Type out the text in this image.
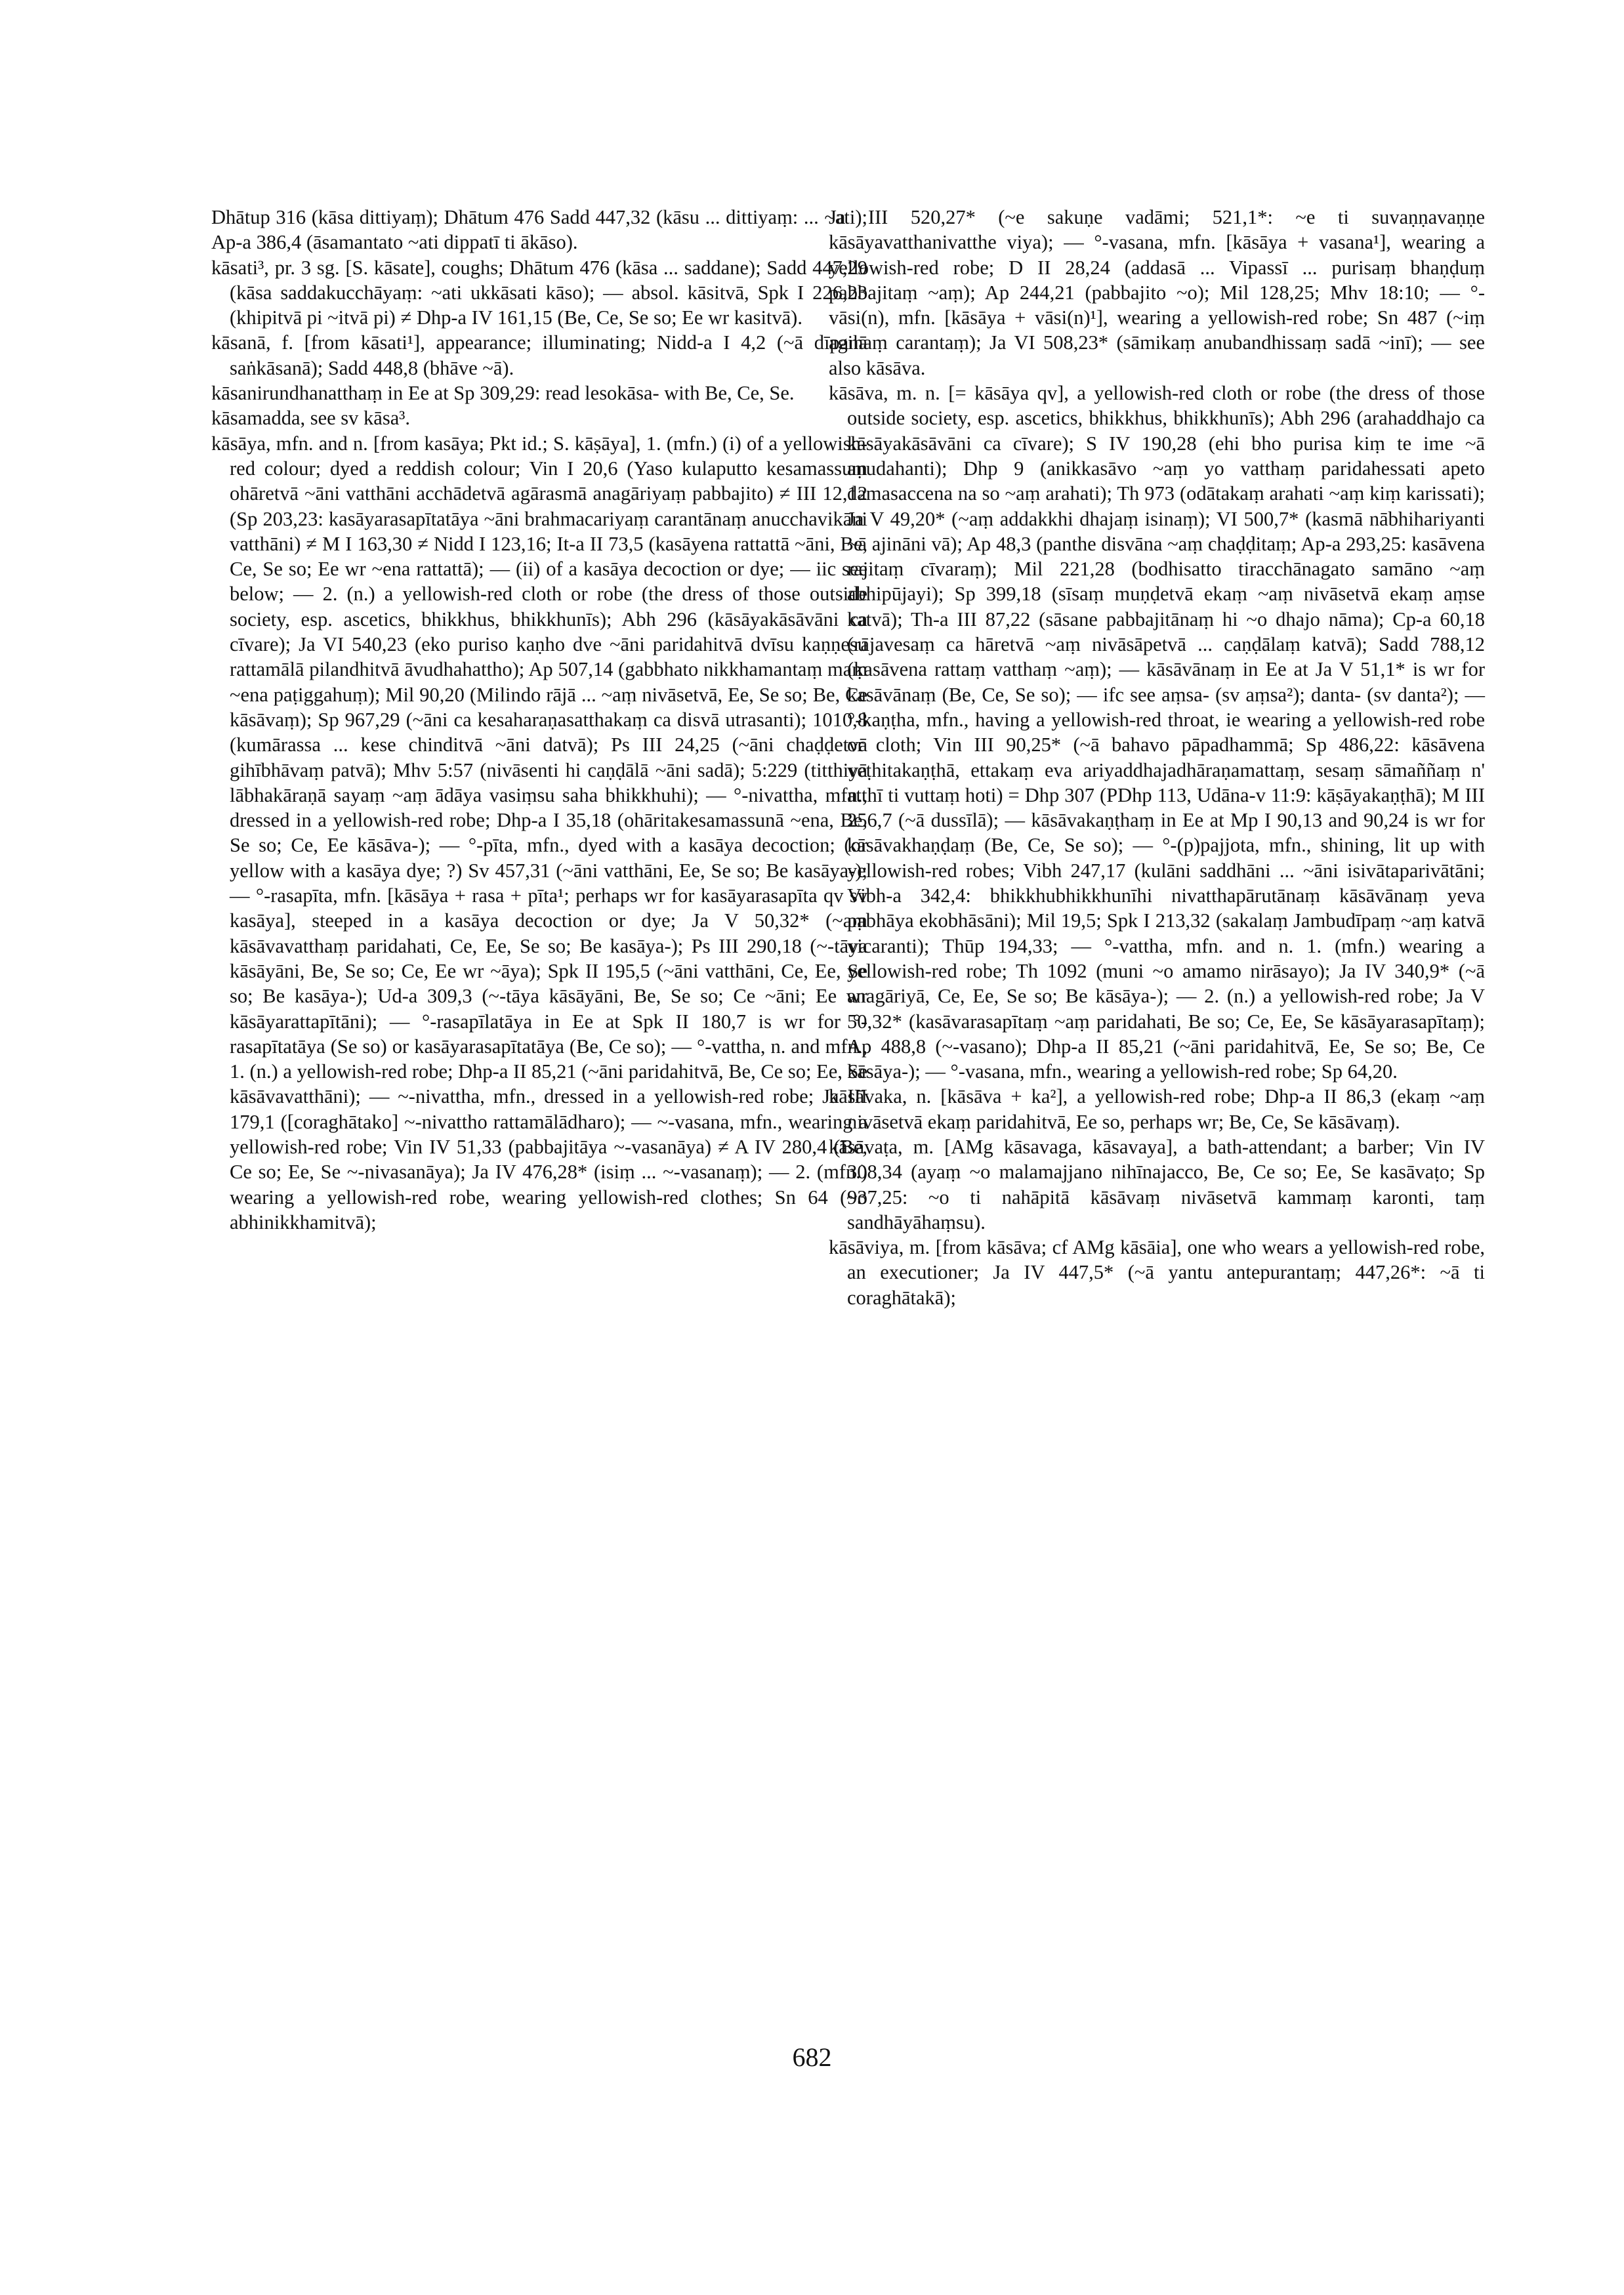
Dhātup 316 (kāsa dittiyaṃ); Dhātum 476 Sadd 447,32 (kāsu ... dittiyaṃ: ... ~ati); Ap-a 386,4 (āsamantato ~ati dippatī ti ākāso).

kāsati³, pr. 3 sg. [S. kāsate], coughs; Dhātum 476 (kāsa ... saddane); Sadd 447,29 (kāsa saddakucchāyaṃ: ~ati ukkāsati kāso); — absol. kāsitvā, Spk I 226,23 (khipitvā pi ~itvā pi) ≠ Dhp-a IV 161,15 (Be, Ce, Se so; Ee wr kasitvā).

kāsanā, f. [from kāsati¹], appearance; illuminating; Nidd-a I 4,2 (~ā dīpanā saṅkāsanā); Sadd 448,8 (bhāve ~ā).

kāsanirundhanatthaṃ in Ee at Sp 309,29: read lesokāsa- with Be, Ce, Se.

kāsamadda, see sv kāsa³.

kāsāya, mfn. and n. [from kasāya; Pkt id.; S. kāṣāya], 1. (mfn.) (i) of a yellowish-red colour; dyed a reddish colour; Vin I 20,6 (Yaso kulaputto kesamassuṃ ohāretvā ~āni vatthāni acchādetvā agārasmā anagāriyaṃ pabbajito) ≠ III 12,12 (Sp 203,23: kasāyarasapītatāya ~āni brahmacariyaṃ carantānaṃ anucchavikāni vatthāni) ≠ M I 163,30 ≠ Nidd I 123,16; It-a II 73,5 (kasāyena rattattā ~āni, Be, Ce, Se so; Ee wr ~ena rattattā); — (ii) of a kasāya decoction or dye; — iic see below; — 2. (n.) a yellowish-red cloth or robe (the dress of those outside society, esp. ascetics, bhikkhus, bhikkhunīs); Abh 296 (kāsāyakāsāvāni ca cīvare); Ja VI 540,23 (eko puriso kaṇho dve ~āni paridahitvā dvīsu kaṇṇesu rattamālā pilandhitvā āvudhahattho); Ap 507,14 (gabbhato nikkhamantaṃ maṃ ~ena paṭiggahuṃ); Mil 90,20 (Milindo rājā ... ~aṃ nivāsetvā, Ee, Se so; Be, Ce kāsāvaṃ); Sp 967,29 (~āni ca kesaharaṇasatthakaṃ ca disvā utrasanti); 1010,8 (kumārassa ... kese chinditvā ~āni datvā); Ps III 24,25 (~āni chaḍḍetvā gihībhāvaṃ patvā); Mhv 5:57 (nivāsenti hi caṇḍālā ~āni sadā); 5:229 (titthiyā lābhakāraṇā sayaṃ ~aṃ ādāya vasiṃsu saha bhikkhuhi); — °-nivattha, mfn., dressed in a yellowish-red robe; Dhp-a I 35,18 (ohāritakesamassunā ~ena, Be, Se so; Ce, Ee kāsāva-); — °-pīta, mfn., dyed with a kasāya decoction; (or yellow with a kasāya dye; ?) Sv 457,31 (~āni vatthāni, Ee, Se so; Be kasāya-); — °-rasapīta, mfn. [kāsāya + rasa + pīta¹; perhaps wr for kasāyarasapīta qv sv kasāya], steeped in a kasāya decoction or dye; Ja V 50,32* (~aṃ kāsāvavatthaṃ paridahati, Ce, Ee, Se so; Be kasāya-); Ps III 290,18 (~-tāya kāsāyāni, Be, Se so; Ce, Ee wr ~āya); Spk II 195,5 (~āni vatthāni, Ce, Ee, Se so; Be kasāya-); Ud-a 309,3 (~-tāya kāsāyāni, Be, Se so; Ce ~āni; Ee wr kāsāyarattapītāni); — °-rasapīlatāya in Ee at Spk II 180,7 is wr for °-rasapītatāya (Se so) or kasāyarasapītatāya (Be, Ce so); — °-vattha, n. and mfn., 1. (n.) a yellowish-red robe; Dhp-a II 85,21 (~āni paridahitvā, Be, Ce so; Ee, Se kāsāvavatthāni); — ~-nivattha, mfn., dressed in a yellowish-red robe; Ja III 179,1 ([coraghātako] ~-nivattho rattamālādharo); — ~-vasana, mfn., wearing a yellowish-red robe; Vin IV 51,33 (pabbajitāya ~-vasanāya) ≠ A IV 280,4 (Be, Ce so; Ee, Se ~-nivasanāya); Ja IV 476,28* (isiṃ ... ~-vasanaṃ); — 2. (mfn.) wearing a yellowish-red robe, wearing yellowish-red clothes; Sn 64 (~o abhinikkhamitvā);

Ja III 520,27* (~e sakuṇe vadāmi; 521,1*: ~e ti suvaṇṇavaṇṇe kāsāyavatthanivatthe viya); — °-vasana, mfn. [kāsāya + vasana¹], wearing a yellowish-red robe; D II 28,24 (addasā ... Vipassī ... purisaṃ bhaṇḍuṃ pabbajitaṃ ~aṃ); Ap 244,21 (pabbajito ~o); Mil 128,25; Mhv 18:10; — °-vāsi(n), mfn. [kāsāya + vāsi(n)¹], wearing a yellowish-red robe; Sn 487 (~iṃ agihaṃ carantaṃ); Ja VI 508,23* (sāmikaṃ anubandhissaṃ sadā ~inī); — see also kāsāva.

kāsāva, m. n. [= kāsāya qv], a yellowish-red cloth or robe (the dress of those outside society, esp. ascetics, bhikkhus, bhikkhunīs); Abh 296 (arahaddhajo ca kāsāyakāsāvāni ca cīvare); S IV 190,28 (ehi bho purisa kiṃ te ime ~ā anudahanti); Dhp 9 (anikkasāvo ~aṃ yo vatthaṃ paridahessati apeto damasaccena na so ~aṃ arahati); Th 973 (odātakaṃ arahati ~aṃ kiṃ karissati); Ja V 49,20* (~aṃ addakkhi dhajaṃ isinaṃ); VI 500,7* (kasmā nābhihariyanti ~ā ajināni vā); Ap 48,3 (panthe disvāna ~aṃ chaḍḍitaṃ; Ap-a 293,25: kasāvena rajitaṃ cīvaraṃ); Mil 221,28 (bodhisatto tiracchānagato samāno ~aṃ abhipūjayi); Sp 399,18 (sīsaṃ muṇḍetvā ekaṃ ~aṃ nivāsetvā ekaṃ aṃse katvā); Th-a III 87,22 (sāsane pabbajitānaṃ hi ~o dhajo nāma); Cp-a 60,18 (rājavesaṃ ca hāretvā ~aṃ nivāsāpetvā ... caṇḍālaṃ katvā); Sadd 788,12 (kasāvena rattaṃ vatthaṃ ~aṃ); — kāsāvānaṃ in Ee at Ja V 51,1* is wr for kasāvānaṃ (Be, Ce, Se so); — ifc see aṃsa- (sv aṃsa²); danta- (sv danta²); — °-kaṇṭha, mfn., having a yellowish-red throat, ie wearing a yellowish-red robe or cloth; Vin III 90,25* (~ā bahavo pāpadhammā; Sp 486,22: kāsāvena veṭhitakaṇṭhā, ettakaṃ eva ariyaddhajadhāraṇamattaṃ, sesaṃ sāmaññaṃ n' atthī ti vuttaṃ hoti) = Dhp 307 (PDhp 113, Udāna-v 11:9: kāṣāyakaṇṭhā); M III 256,7 (~ā dussīlā); — kāsāvakaṇṭhaṃ in Ee at Mp I 90,13 and 90,24 is wr for kāsāvakhaṇḍaṃ (Be, Ce, Se so); — °-(p)pajjota, mfn., shining, lit up with yellowish-red robes; Vibh 247,17 (kulāni saddhāni ... ~āni isivātaparivātāni; Vibh-a 342,4: bhikkhubhikkhunīhi nivatthapārutānaṃ kāsāvānaṃ yeva pabhāya ekobhāsāni); Mil 19,5; Spk I 213,32 (sakalaṃ Jambudīpaṃ ~aṃ katvā vicaranti); Thūp 194,33; — °-vattha, mfn. and n. 1. (mfn.) wearing a yellowish-red robe; Th 1092 (muni ~o amamo nirāsayo); Ja IV 340,9* (~ā anagāriyā, Ce, Ee, Se so; Be kāsāya-); — 2. (n.) a yellowish-red robe; Ja V 50,32* (kasāvarasapītaṃ ~aṃ paridahati, Be so; Ce, Ee, Se kāsāyarasapītaṃ); Ap 488,8 (~-vasano); Dhp-a II 85,21 (~āni paridahitvā, Ee, Se so; Be, Ce kāsāya-); — °-vasana, mfn., wearing a yellowish-red robe; Sp 64,20.

kāsāvaka, n. [kāsāva + ka²], a yellowish-red robe; Dhp-a II 86,3 (ekaṃ ~aṃ nivāsetvā ekaṃ paridahitvā, Ee so, perhaps wr; Be, Ce, Se kāsāvaṃ).

kāsāvaṭa, m. [AMg kāsavaga, kāsavaya], a bath-attendant; a barber; Vin IV 308,34 (ayaṃ ~o malamajjano nihīnajacco, Be, Ce so; Ee, Se kasāvaṭo; Sp 937,25: ~o ti nahāpitā kāsāvaṃ nivāsetvā kammaṃ karonti, taṃ sandhāyāhaṃsu).

kāsāviya, m. [from kāsāva; cf AMg kāsāia], one who wears a yellowish-red robe, an executioner; Ja IV 447,5* (~ā yantu antepurantaṃ; 447,26*: ~ā ti coraghātakā);

682
